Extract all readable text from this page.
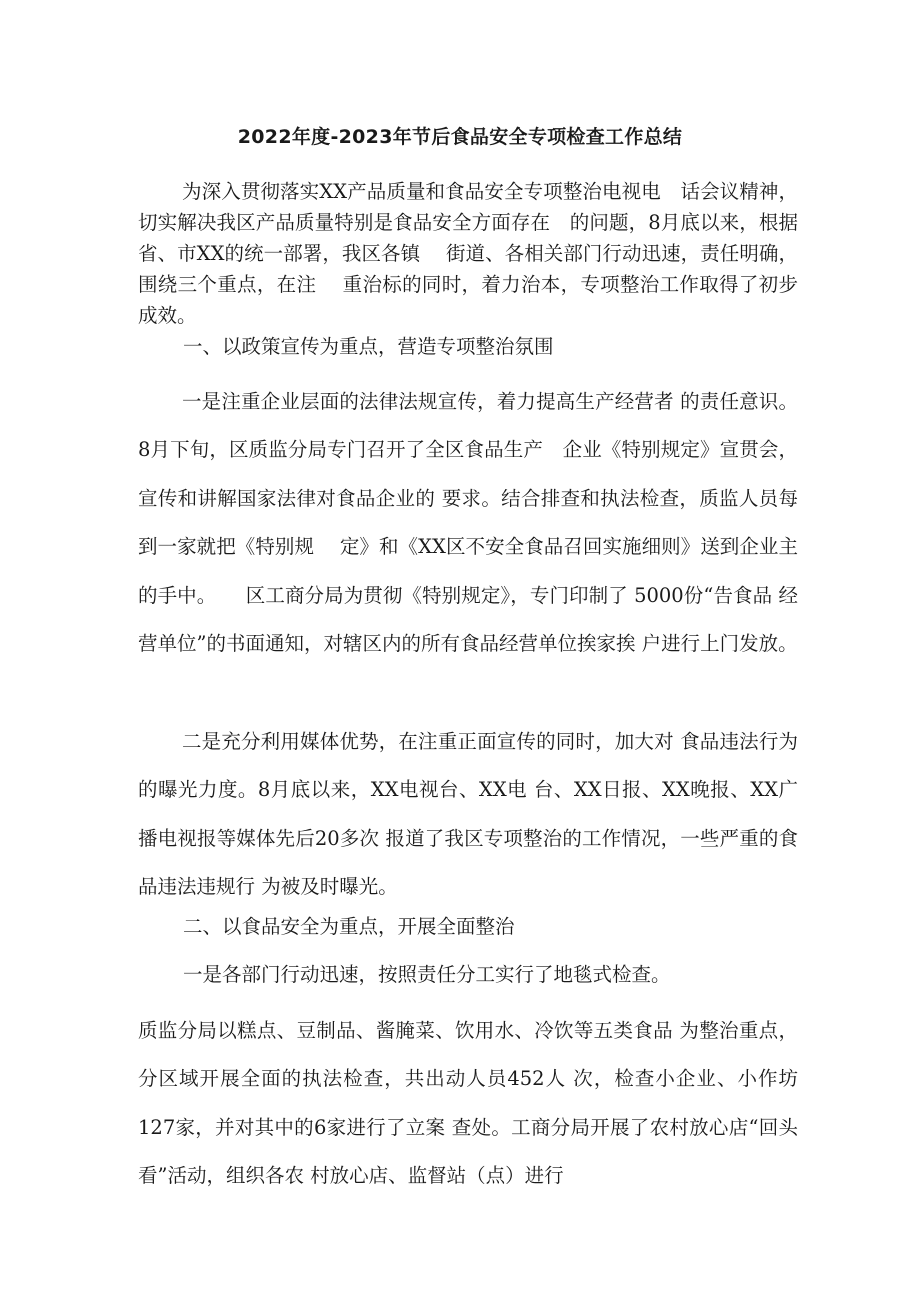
2022年度-2023年节后食品安全专项检查工作总结

为深入贯彻落实XX产品质量和食品安全专项整治电视电　话会议精神，切实解决我区产品质量特别是食品安全方面存在　的问题，8月底以来，根据省、市XX的统一部署，我区各镇　 街道、各相关部门行动迅速，责任明确，围绕三个重点，在注　 重治标的同时，着力治本，专项整治工作取得了初步成效。

一、以政策宣传为重点，营造专项整治氛围

一是注重企业层面的法律法规宣传，着力提高生产经营者 的责任意识。8月下旬，区质监分局专门召开了全区食品生产　企业《特别规定》宣贯会，宣传和讲解国家法律对食品企业的 要求。结合排查和执法检查，质监人员每到一家就把《特别规　 定》和《XX区不安全食品召回实施细则》送到企业主的手中。　　区工商分局为贯彻《特别规定》，专门印制了 5000份“告食品 经营单位”的书面通知，对辖区内的所有食品经营单位挨家挨 户进行上门发放。

二是充分利用媒体优势，在注重正面宣传的同时，加大对 食品违法行为的曝光力度。8月底以来，XX电视台、XX电 台、XX日报、XX晚报、XX广播电视报等媒体先后20多次 报道了我区专项整治的工作情况，一些严重的食品违法违规行 为被及时曝光。

二、以食品安全为重点，开展全面整治

一是各部门行动迅速，按照责任分工实行了地毯式检查。

质监分局以糕点、豆制品、酱腌菜、饮用水、冷饮等五类食品 为整治重点，分区域开展全面的执法检查，共出动人员452人 次，检查小企业、小作坊127家，并对其中的6家进行了立案 查处。工商分局开展了农村放心店“回头看”活动，组织各农 村放心店、监督站（点）进行
